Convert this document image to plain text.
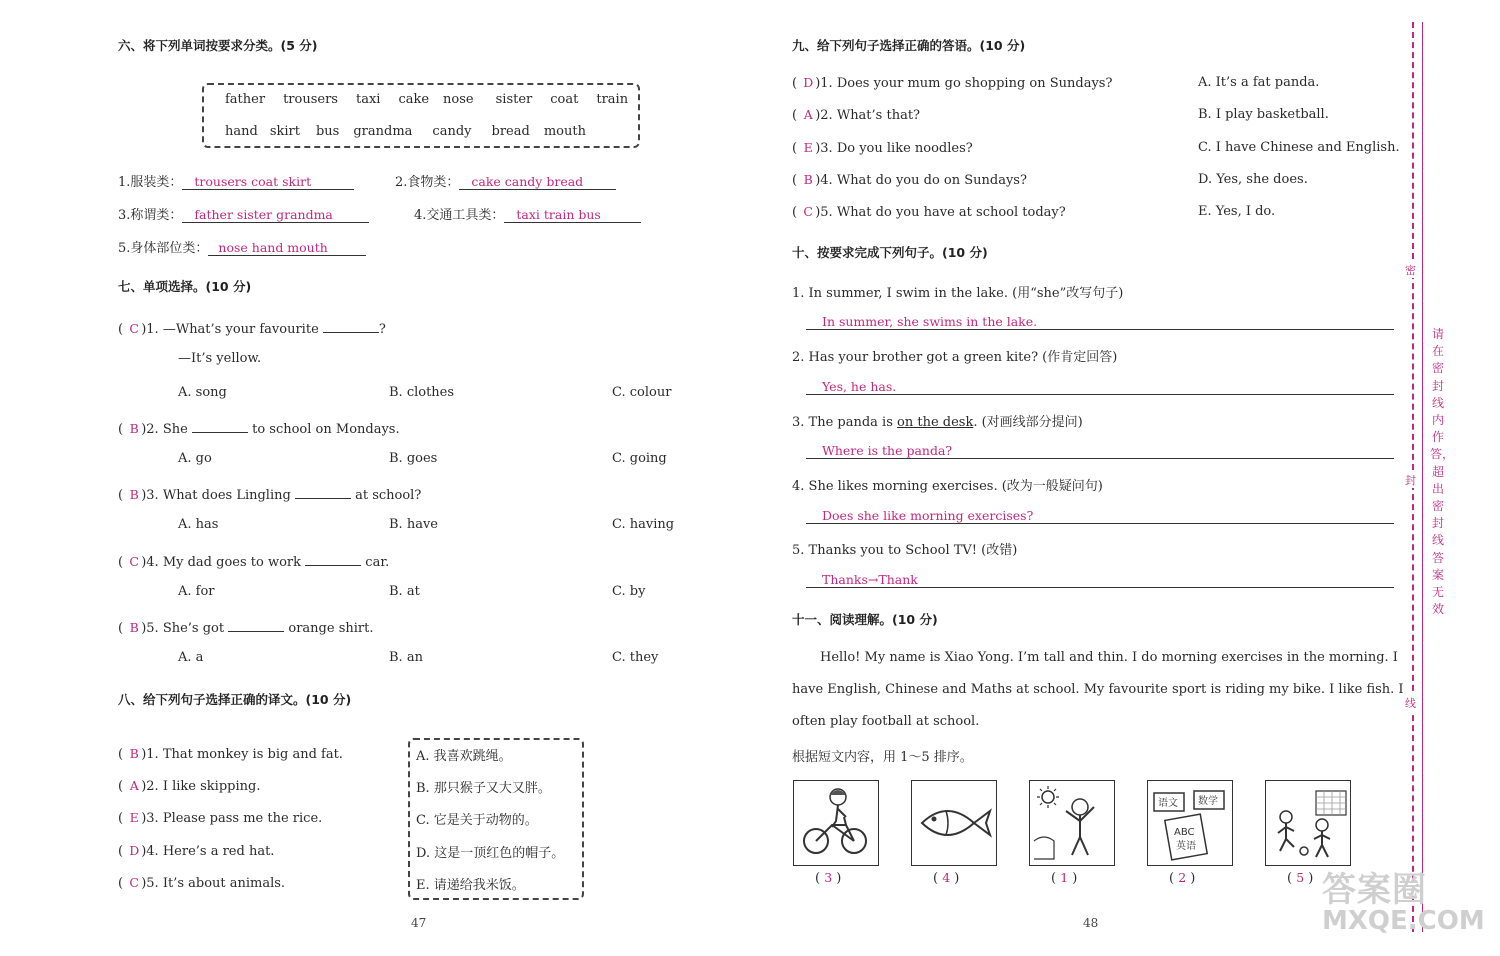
六、将下列单词按要求分类。(5 分)
father trousers taxi cake nose sister coat train
hand skirt bus grandma candy bread mouth
1.服装类： trousers coat skirt	2.食物类： cake candy bread
3.称谓类： father sister grandma	4.交通工具类： taxi train bus
5.身体部位类： nose hand mouth
七、单项选择。(10 分)
( C )1. —What’s your favourite	?
—It’s yellow.
A. song	B. clothes	C. colour
( B )2. She	to school on Mondays.
A. go	B. goes	C. going
( B )3. What does Lingling	at school?
A. has	B. have	C. having
( C )4. My dad goes to work	car.
A. for	B. at	C. by
( B )5. She’s got	orange shirt.
A. a	B. an	C. they
八、给下列句子选择正确的译文。(10 分)
( B )1. That monkey is big and fat.
( A )2. I like skipping.
( E )3. Please pass me the rice.
( D )4. Here’s a red hat.
( C )5. It’s about animals.
A. 我喜欢跳绳。
B. 那只猴子又大又胖。
C. 它是关于动物的。
D. 这是一顶红色的帽子。
E. 请递给我米饭。
47
九、给下列句子选择正确的答语。(10 分)
( D )1. Does your mum go shopping on Sundays?	A. It’s a fat panda.
( A )2. What’s that?	B. I play basketball.
( E )3. Do you like noodles?	C. I have Chinese and English.
( B )4. What do you do on Sundays?	D. Yes, she does.
( C )5. What do you have at school today?	E. Yes, I do.
十、按要求完成下列句子。(10 分)
1. In summer, I swim in the lake. (用“she”改写句子)
In summer, she swims in the lake.
2. Has your brother got a green kite? (作肯定回答)
Yes, he has.
3. The panda is on the desk. (对画线部分提问)
Where is the panda?
4. She likes morning exercises. (改为一般疑问句)
Does she like morning exercises?
5. Thanks you to School TV! (改错)
Thanks→Thank
十一、阅读理解。(10 分)
Hello! My name is Xiao Yong. I’m tall and thin. I do morning exercises in the morning. I
have English, Chinese and Maths at school. My favourite sport is riding my bike. I like fish. I
often play football at school.
根据短文内容，用 1～5 排序。
( 3 )	( 4 )	( 1 )
语文 数学
ABC
英语
( 2 )	( 5 )
48
密
封
线
请在密封线内作答，超出密封线答案无效
答案圈
MXQE.COM
